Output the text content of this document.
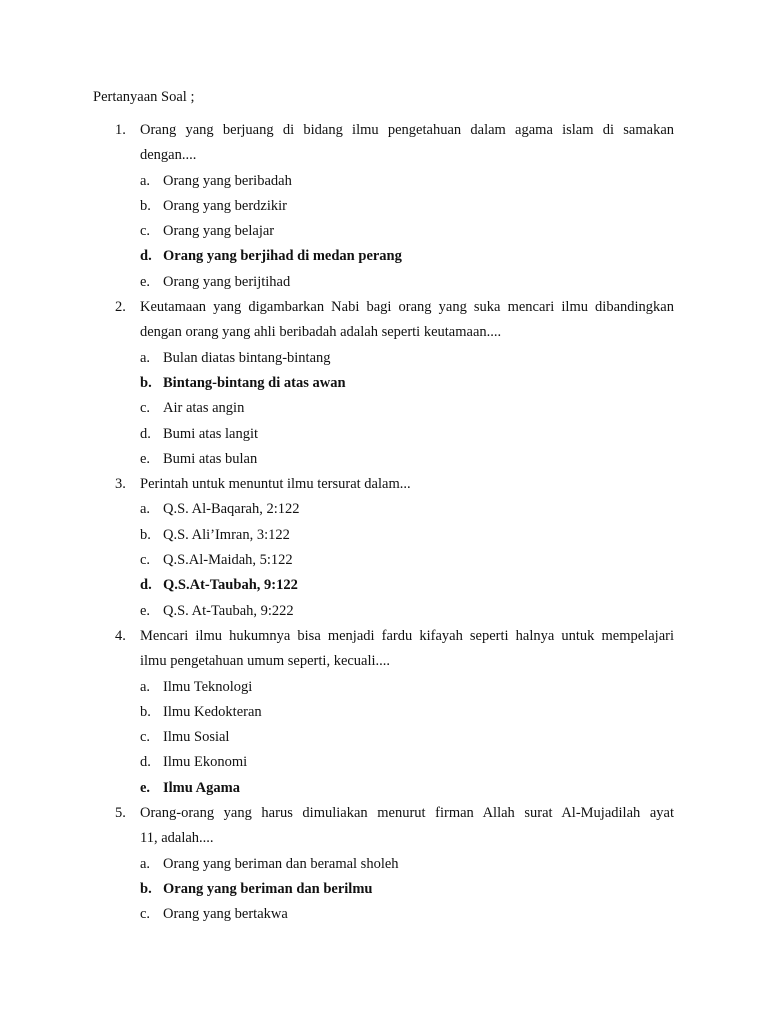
Pertanyaan Soal ;
1. Orang yang berjuang di bidang ilmu pengetahuan dalam agama islam di samakan
dengan....
a. Orang yang beribadah
b. Orang yang berdzikir
c. Orang yang belajar
d. Orang yang berjihad di medan perang
e. Orang yang berijtihad
2. Keutamaan yang digambarkan Nabi bagi orang yang suka mencari ilmu dibandingkan
dengan orang yang ahli beribadah adalah seperti keutamaan....
a. Bulan diatas bintang-bintang
b. Bintang-bintang di atas awan
c. Air atas angin
d. Bumi atas langit
e. Bumi atas bulan
3. Perintah untuk menuntut ilmu tersurat dalam...
a. Q.S. Al-Baqarah, 2:122
b. Q.S. Ali’Imran, 3:122
c. Q.S.Al-Maidah, 5:122
d. Q.S.At-Taubah, 9:122
e. Q.S. At-Taubah, 9:222
4. Mencari ilmu hukumnya bisa menjadi fardu kifayah seperti halnya untuk mempelajari
ilmu pengetahuan umum seperti, kecuali....
a. Ilmu Teknologi
b. Ilmu Kedokteran
c. Ilmu Sosial
d. Ilmu Ekonomi
e. Ilmu Agama
5. Orang-orang yang harus dimuliakan menurut firman Allah surat Al-Mujadilah ayat
11, adalah....
a. Orang yang beriman dan beramal sholeh
b. Orang yang beriman dan berilmu
c. Orang yang bertakwa
